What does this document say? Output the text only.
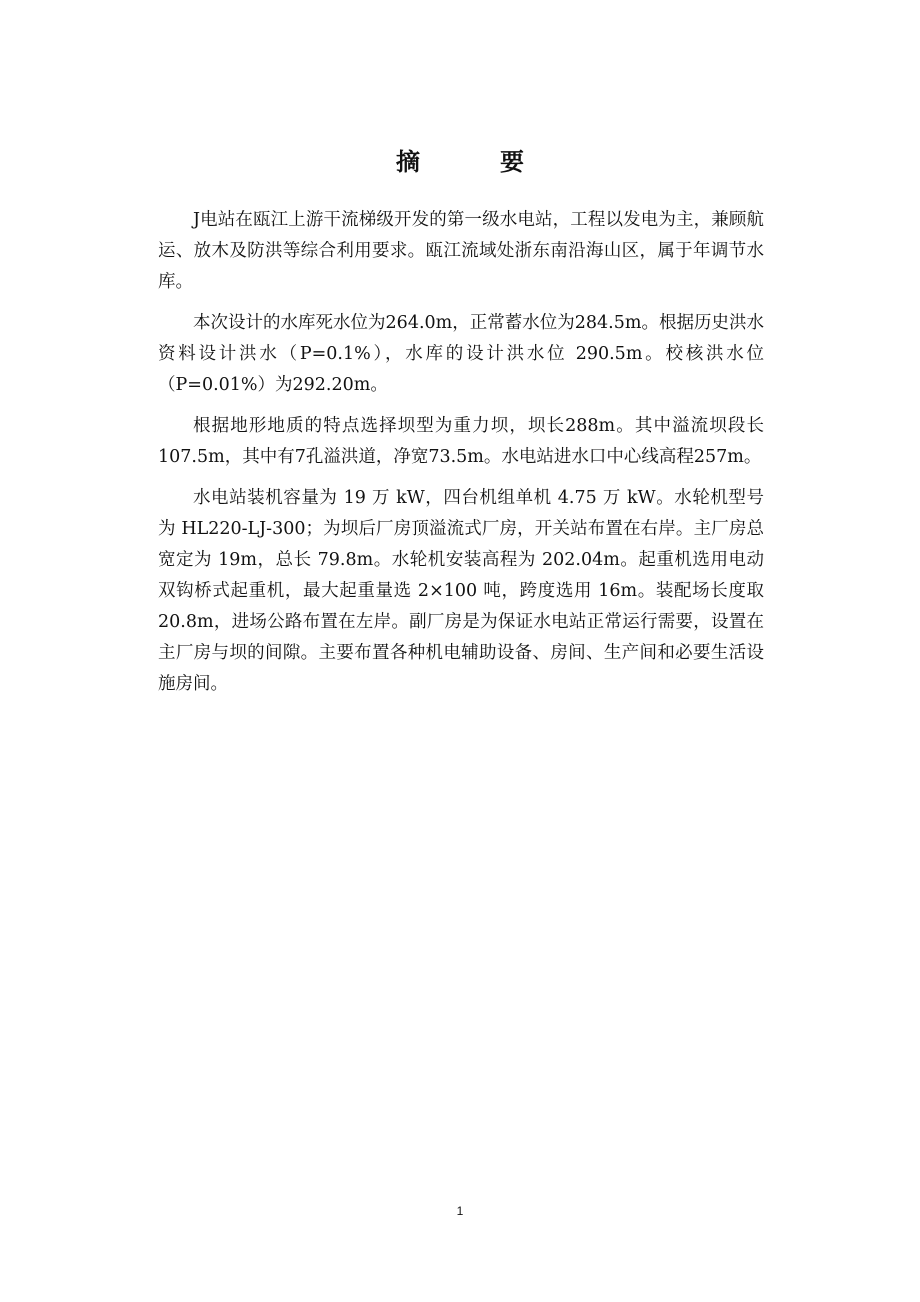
摘　要

J电站在瓯江上游干流梯级开发的第一级水电站，工程以发电为主，兼顾航运、放木及防洪等综合利用要求。瓯江流域处浙东南沿海山区，属于年调节水库。

本次设计的水库死水位为264.0m，正常蓄水位为284.5m。根据历史洪水资料设计洪水（P=0.1%），水库的设计洪水位 290.5m。校核洪水位（P=0.01%）为292.20m。

根据地形地质的特点选择坝型为重力坝，坝长288m。其中溢流坝段长107.5m，其中有7孔溢洪道，净宽73.5m。水电站进水口中心线高程257m。

水电站装机容量为 19 万 kW，四台机组单机 4.75 万 kW。水轮机型号为 HL220-LJ-300；为坝后厂房顶溢流式厂房，开关站布置在右岸。主厂房总宽定为 19m，总长 79.8m。水轮机安装高程为 202.04m。起重机选用电动双钩桥式起重机，最大起重量选 2×100 吨，跨度选用 16m。装配场长度取 20.8m，进场公路布置在左岸。副厂房是为保证水电站正常运行需要，设置在主厂房与坝的间隙。主要布置各种机电辅助设备、房间、生产间和必要生活设施房间。

1
